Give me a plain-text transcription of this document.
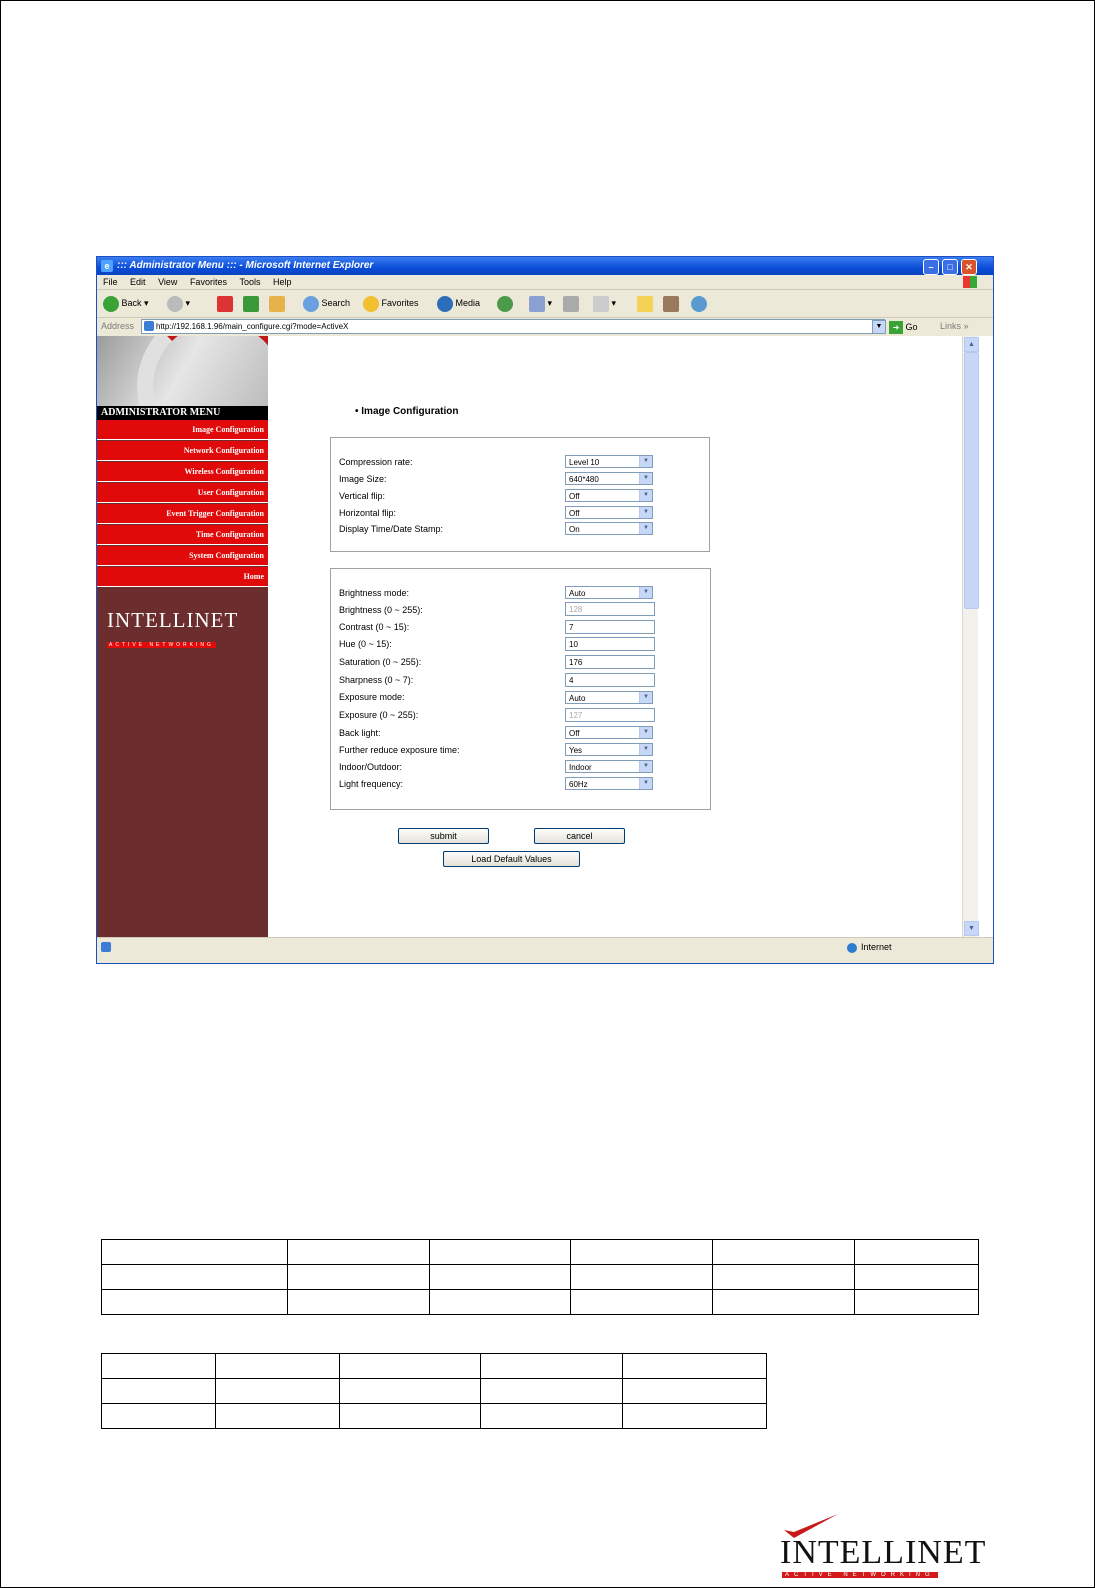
e ::: Administrator Menu ::: - Microsoft Internet Explorer	–	□	✕
File Edit View Favorites Tools Help
Back ▾	▾	Search	Favorites	Media	▾	▾
Address	http://192.168.1.96/main_configure.cgi?mode=ActiveX	▼	➜ Go Links »
ADMINISTRATOR MENU
Image Configuration
Network Configuration
Wireless Configuration
User Configuration
Event Trigger Configuration
Time Configuration
System Configuration
Home
INTELLINET
ACTIVE NETWORKING
• Image Configuration
Compression rate:	Level 10	▼
Image Size:	640*480	▼
Vertical flip:	Off	▼
Horizontal flip:	Off	▼
Display Time/Date Stamp:	On	▼
Brightness mode:	Auto	▼
Brightness (0 ~ 255):	128
Contrast (0 ~ 15):	7
Hue (0 ~ 15):	10
Saturation (0 ~ 255):	176
Sharpness (0 ~ 7):	4
Exposure mode:	Auto	▼
Exposure (0 ~ 255):	127
Back light:	Off	▼
Further reduce exposure time:	Yes	▼
Indoor/Outdoor:	Indoor	▼
Light frequency:	60Hz	▼
submit	cancel
Load Default Values
▲
▼
Internet

INTELLINET
ACTIVE NETWORKING
